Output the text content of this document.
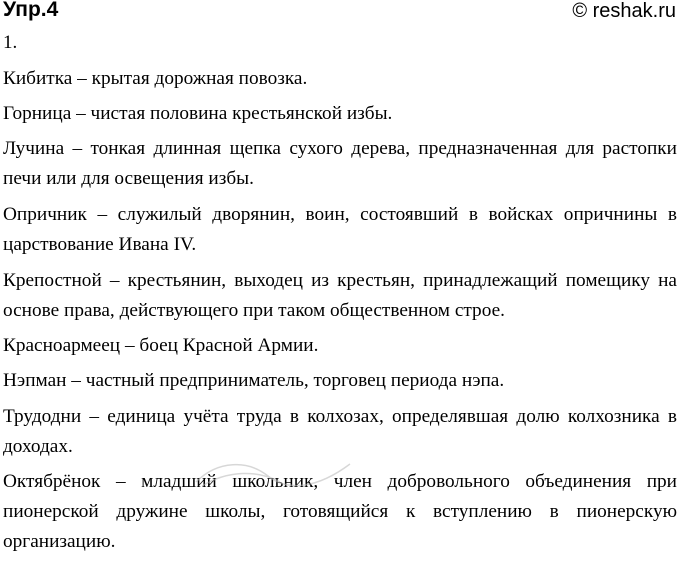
Упр.4	© reshak.ru
1.

Кибитка – крытая дорожная повозка.

Горница – чистая половина крестьянской избы.

Лучина – тонкая длинная щепка сухого дерева, предназначенная для растопки печи или для освещения избы.

Опричник – служилый дворянин, воин, состоявший в войсках опричнины в царствование Ивана IV.

Крепостной – крестьянин, выходец из крестьян, принадлежащий помещику на основе права, действующего при таком общественном строе.

Красноармеец – боец Красной Армии.

Нэпман – частный предприниматель, торговец периода нэпа.

Трудодни – единица учёта труда в колхозах, определявшая долю колхозника в доходах.

Октябрёнок – младший школьник, член добровольного объединения при пионерской дружине школы, готовящийся к вступлению в пионерскую организацию.
